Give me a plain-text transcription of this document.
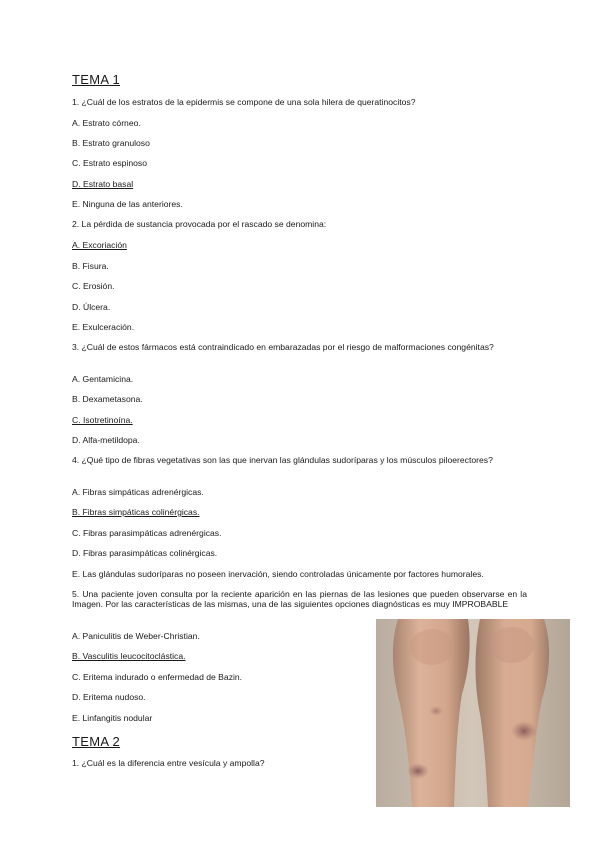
TEMA 1
1. ¿Cuál de los estratos de la epidermis se compone de una sola hilera de queratinocitos?
A. Estrato córneo.
B. Estrato granuloso
C. Estrato espinoso
D. Estrato basal
E. Ninguna de las anteriores.
2. La pérdida de sustancia provocada por el rascado se denomina:
A. Excoriación
B. Fisura.
C. Erosión.
D. Úlcera.
E. Exulceración.
3. ¿Cuál de estos fármacos está contraindicado en embarazadas por el riesgo de malformaciones congénitas?
A. Gentamicina.
B. Dexametasona.
C. Isotretinoína.
D. Alfa-metildopa.
4. ¿Qué tipo de fibras vegetativas son las que inervan las glándulas sudoríparas y los músculos piloerectores?
A. Fibras simpáticas adrenérgicas.
B. Fibras simpáticas colinérgicas.
C. Fibras parasimpáticas adrenérgicas.
D. Fibras parasimpáticas colinérgicas.
E. Las glándulas sudoríparas no poseen inervación, siendo controladas únicamente por factores humorales.
5. Una paciente joven consulta por la reciente aparición en las piernas de las lesiones que pueden observarse en la Imagen. Por las características de las mismas, una de las siguientes opciones diagnósticas es muy IMPROBABLE
A. Paniculitis de Weber-Christian.
B. Vasculitis leucocitoclástica.
C. Eritema indurado o enfermedad de Bazin.
D. Eritema nudoso.
E. Linfangitis nodular
TEMA 2
1. ¿Cuál es la diferencia entre vesícula y ampolla?
